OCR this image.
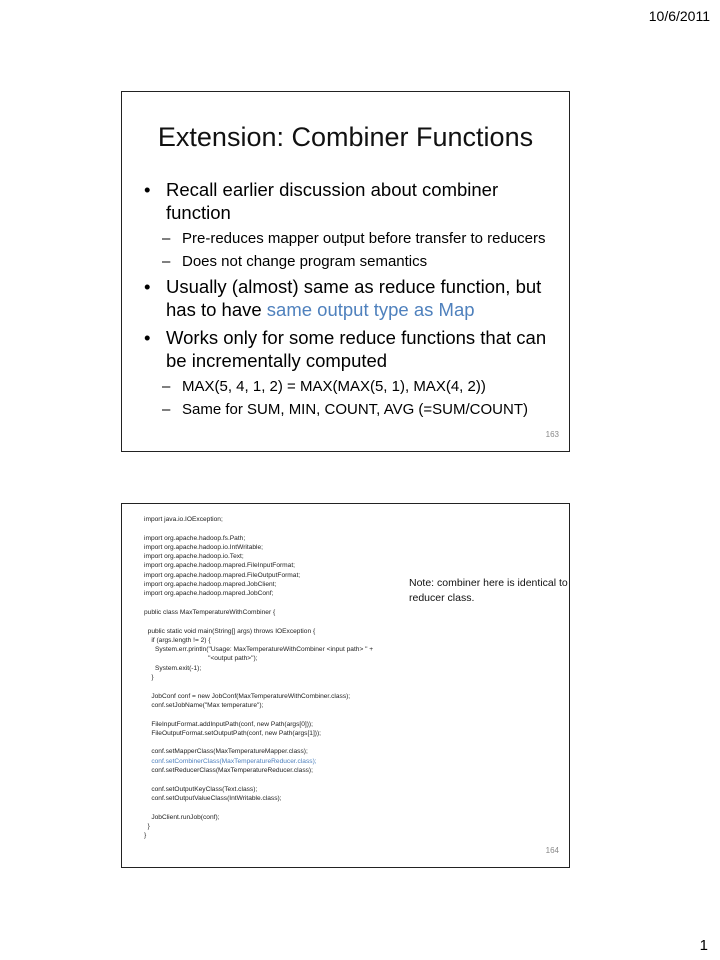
10/6/2011
Extension: Combiner Functions
• Recall earlier discussion about combiner function
– Pre-reduces mapper output before transfer to reducers
– Does not change program semantics
• Usually (almost) same as reduce function, but has to have same output type as Map
• Works only for some reduce functions that can be incrementally computed
– MAX(5, 4, 1, 2) = MAX(MAX(5, 1), MAX(4, 2))
– Same for SUM, MIN, COUNT, AVG (=SUM/COUNT)
163
import java.io.IOException;
import org.apache.hadoop.fs.Path;
import org.apache.hadoop.io.IntWritable;
import org.apache.hadoop.io.Text;
import org.apache.hadoop.mapred.FileInputFormat;
import org.apache.hadoop.mapred.FileOutputFormat;
import org.apache.hadoop.mapred.JobClient;
import org.apache.hadoop.mapred.JobConf;
public class MaxTemperatureWithCombiner {
public static void main(String[] args) throws IOException {
if (args.length != 2) {
System.err.println("Usage: MaxTemperatureWithCombiner <input path> " +
"<output path>");
System.exit(-1);
}
JobConf conf = new JobConf(MaxTemperatureWithCombiner.class);
conf.setJobName("Max temperature");
FileInputFormat.addInputPath(conf, new Path(args[0]));
FileOutputFormat.setOutputPath(conf, new Path(args[1]));
conf.setMapperClass(MaxTemperatureMapper.class);
conf.setCombinerClass(MaxTemperatureReducer.class);
conf.setReducerClass(MaxTemperatureReducer.class);
conf.setOutputKeyClass(Text.class);
conf.setOutputValueClass(IntWritable.class);
JobClient.runJob(conf);
}
}
Note: combiner here is identical to reducer class.
164
1
